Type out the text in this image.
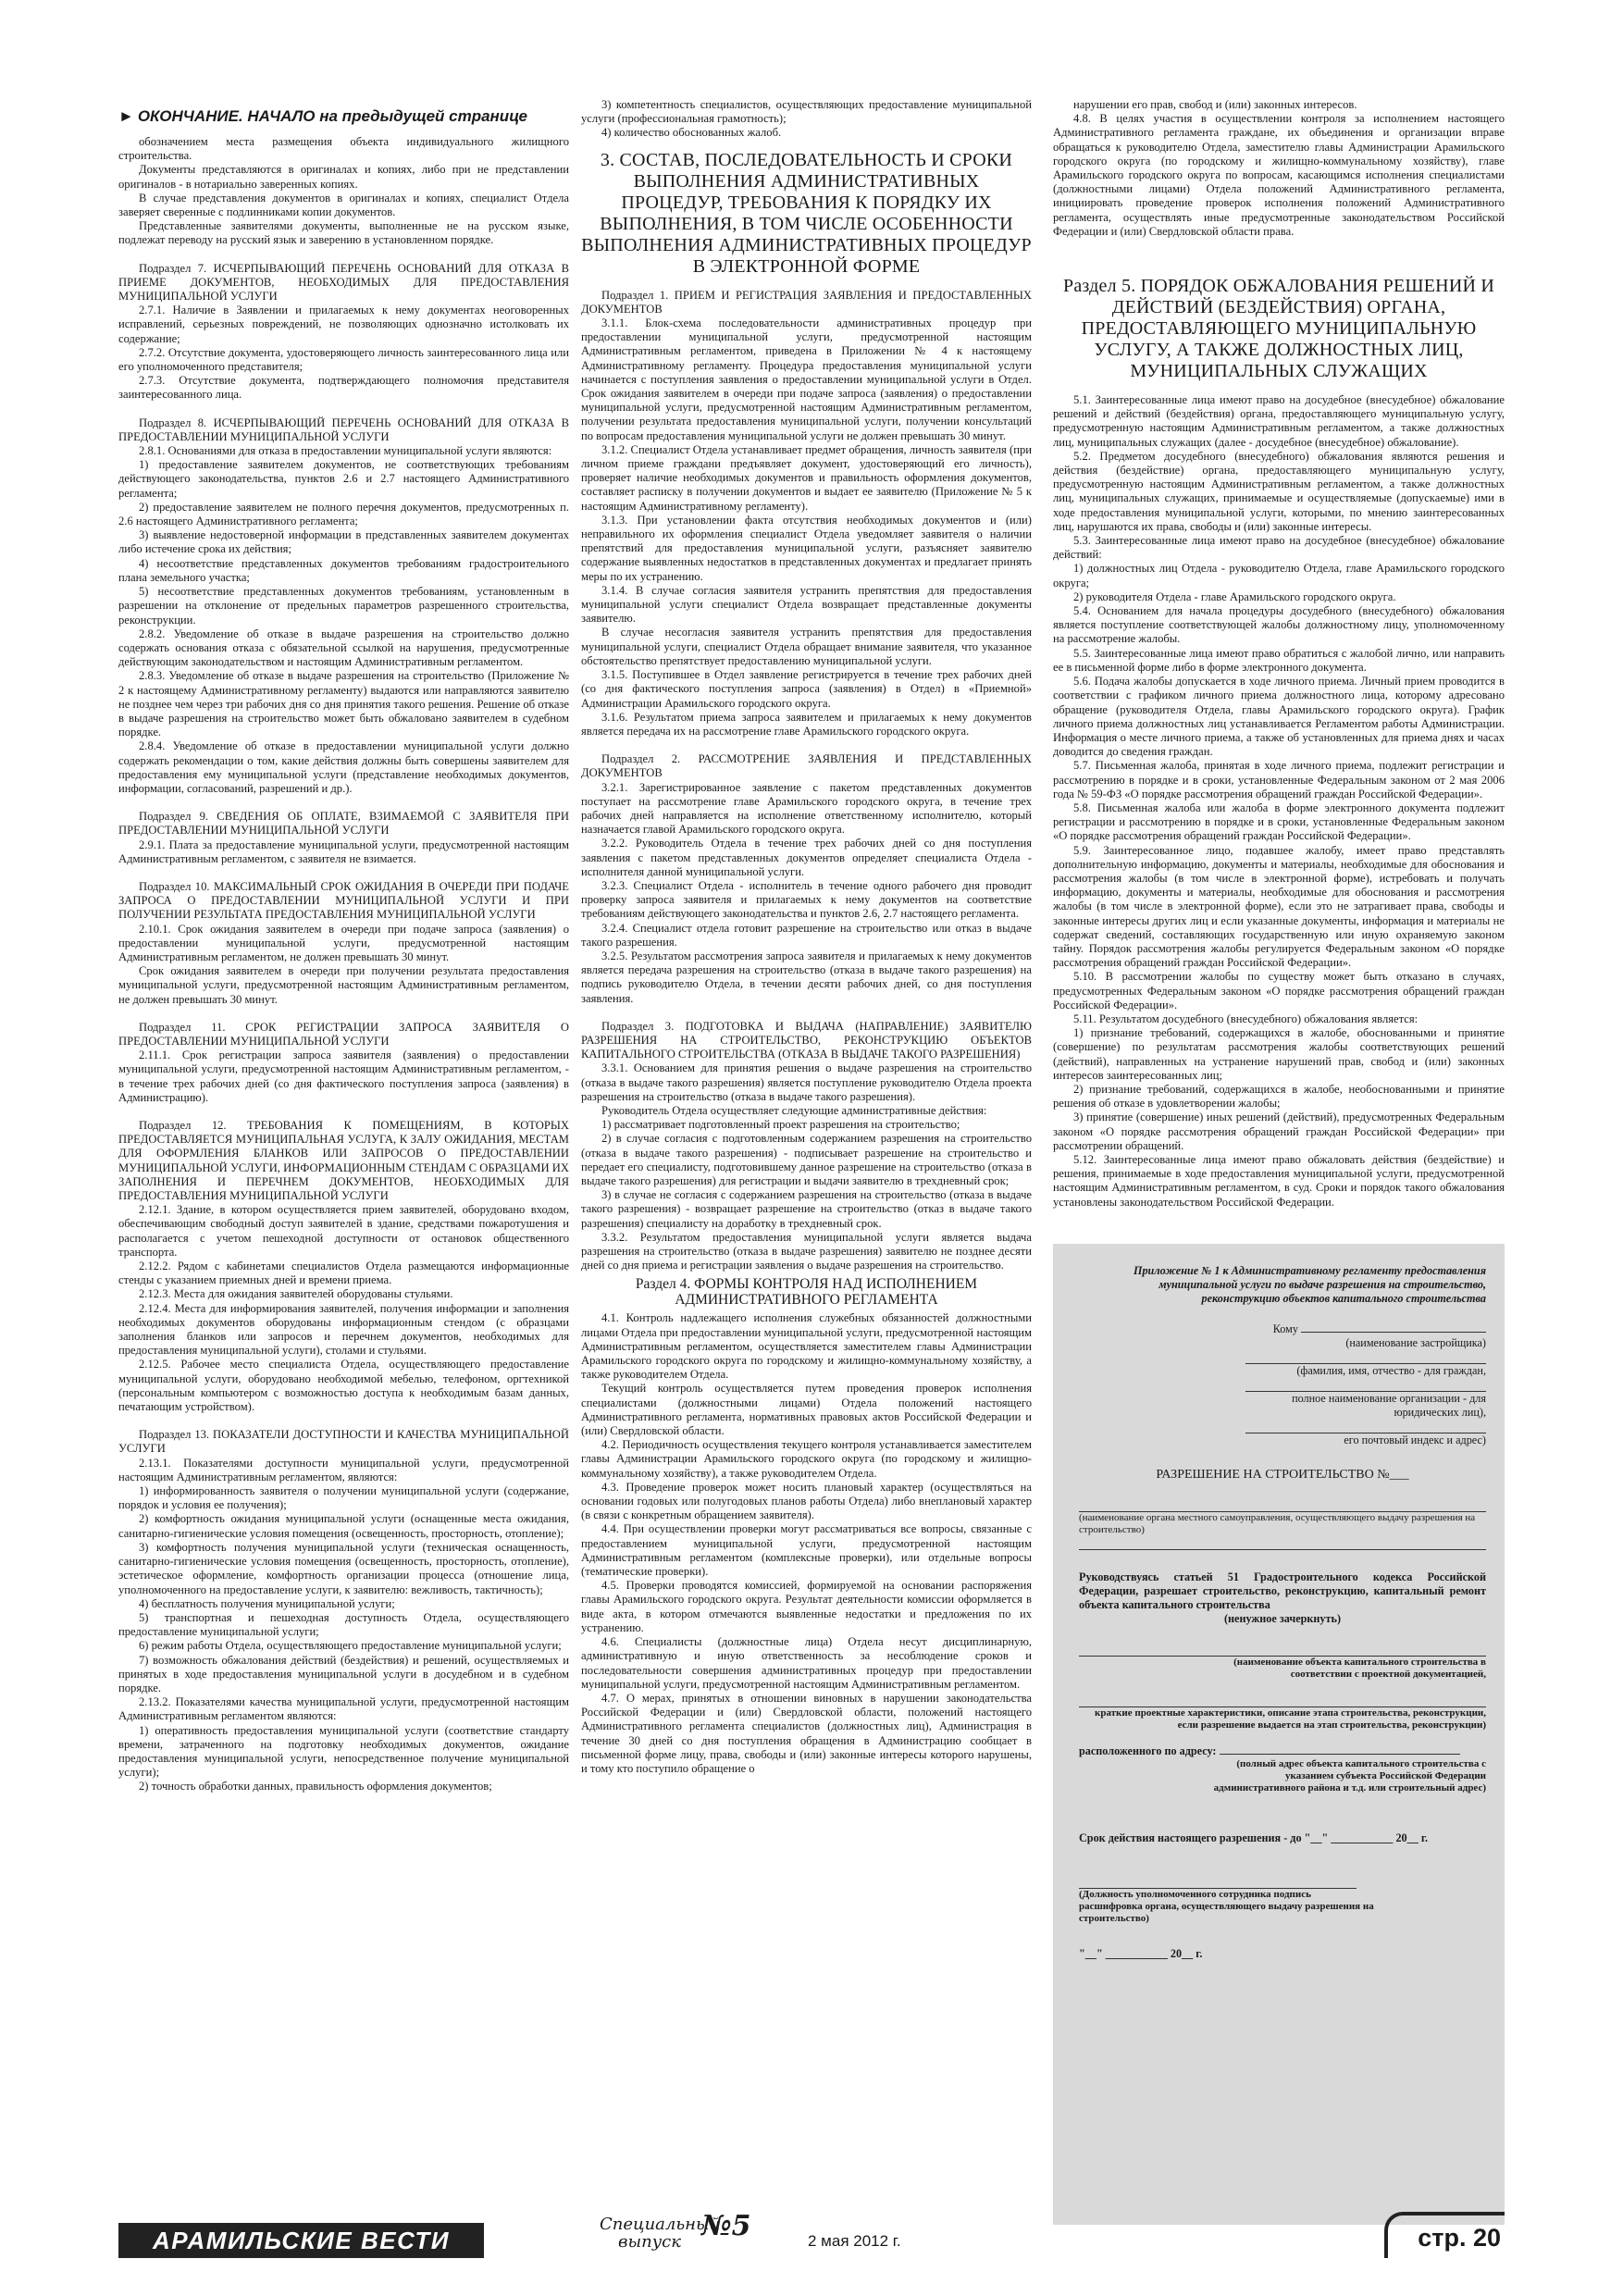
► ОКОНЧАНИЕ. НАЧАЛО на предыдущей странице

обозначением места размещения объекта индивидуального жилищного строительства.

Документы представляются в оригиналах и копиях, либо при не представлении оригиналов - в нотариально заверенных копиях.

В случае представления документов в оригиналах и копиях, специалист Отдела заверяет сверенные с подлинниками копии документов.

Представленные заявителями документы, выполненные не на русском языке, подлежат переводу на русский язык и заверению в установленном порядке.

Подраздел 7. ИСЧЕРПЫВАЮЩИЙ ПЕРЕЧЕНЬ ОСНОВАНИЙ ДЛЯ ОТКАЗА В ПРИЕМЕ ДОКУМЕНТОВ, НЕОБХОДИМЫХ ДЛЯ ПРЕДОСТАВЛЕНИЯ МУНИЦИПАЛЬНОЙ УСЛУГИ

2.7.1. Наличие в Заявлении и прилагаемых к нему документах неоговоренных исправлений, серьезных повреждений, не позволяющих однозначно истолковать их содержание;

2.7.2. Отсутствие документа, удостоверяющего личность заинтересованного лица или его уполномоченного представителя;

2.7.3. Отсутствие документа, подтверждающего полномочия представителя заинтересованного лица.

Подраздел 8. ИСЧЕРПЫВАЮЩИЙ ПЕРЕЧЕНЬ ОСНОВАНИЙ ДЛЯ ОТКАЗА В ПРЕДОСТАВЛЕНИИ МУНИЦИПАЛЬНОЙ УСЛУГИ

2.8.1. Основаниями для отказа в предоставлении муниципальной услуги являются:

1) предоставление заявителем документов, не соответствующих требованиям действующего законодательства, пунктов 2.6 и 2.7 настоящего Административного регламента;

2) предоставление заявителем не полного перечня документов, предусмотренных п. 2.6 настоящего Административного регламента;

3) выявление недостоверной информации в представленных заявителем документах либо истечение срока их действия;

4) несоответствие представленных документов требованиям градостроительного плана земельного участка;

5) несоответствие представленных документов требованиям, установленным в разрешении на отклонение от предельных параметров разрешенного строительства, реконструкции.

2.8.2. Уведомление об отказе в выдаче разрешения на строительство должно содержать основания отказа с обязательной ссылкой на нарушения, предусмотренные действующим законодательством и настоящим Административным регламентом.

2.8.3. Уведомление об отказе в выдаче разрешения на строительство (Приложение № 2 к настоящему Административному регламенту) выдаются или направляются заявителю не позднее чем через три рабочих дня со дня принятия такого решения. Решение об отказе в выдаче разрешения на строительство может быть обжаловано заявителем в судебном порядке.

2.8.4. Уведомление об отказе в предоставлении муниципальной услуги должно содержать рекомендации о том, какие действия должны быть совершены заявителем для предоставления ему муниципальной услуги (представление необходимых документов, информации, согласований, разрешений и др.).

Подраздел 9. СВЕДЕНИЯ ОБ ОПЛАТЕ, ВЗИМАЕМОЙ С ЗАЯВИТЕЛЯ ПРИ ПРЕДОСТАВЛЕНИИ МУНИЦИПАЛЬНОЙ УСЛУГИ

2.9.1. Плата за предоставление муниципальной услуги, предусмотренной настоящим Административным регламентом, с заявителя не взимается.

Подраздел 10. МАКСИМАЛЬНЫЙ СРОК ОЖИДАНИЯ В ОЧЕРЕДИ ПРИ ПОДАЧЕ ЗАПРОСА О ПРЕДОСТАВЛЕНИИ МУНИЦИПАЛЬНОЙ УСЛУГИ И ПРИ ПОЛУЧЕНИИ РЕЗУЛЬТАТА ПРЕДОСТАВЛЕНИЯ МУНИЦИПАЛЬНОЙ УСЛУГИ

2.10.1. Срок ожидания заявителем в очереди при подаче запроса (заявления) о предоставлении муниципальной услуги, предусмотренной настоящим Административным регламентом, не должен превышать 30 минут.

Срок ожидания заявителем в очереди при получении результата предоставления муниципальной услуги, предусмотренной настоящим Административным регламентом, не должен превышать 30 минут.

Подраздел 11. СРОК РЕГИСТРАЦИИ ЗАПРОСА ЗАЯВИТЕЛЯ О ПРЕДОСТАВЛЕНИИ МУНИЦИПАЛЬНОЙ УСЛУГИ

2.11.1. Срок регистрации запроса заявителя (заявления) о предоставлении муниципальной услуги, предусмотренной настоящим Административным регламентом, - в течение трех рабочих дней (со дня фактического поступления запроса (заявления) в Администрацию).

Подраздел 12. ТРЕБОВАНИЯ К ПОМЕЩЕНИЯМ, В КОТОРЫХ ПРЕДОСТАВЛЯЕТСЯ МУНИЦИПАЛЬНАЯ УСЛУГА, К ЗАЛУ ОЖИДАНИЯ, МЕСТАМ ДЛЯ ОФОРМЛЕНИЯ БЛАНКОВ ИЛИ ЗАПРОСОВ О ПРЕДОСТАВЛЕНИИ МУНИЦИПАЛЬНОЙ УСЛУГИ, ИНФОРМАЦИОННЫМ СТЕНДАМ С ОБРАЗЦАМИ ИХ ЗАПОЛНЕНИЯ И ПЕРЕЧНЕМ ДОКУМЕНТОВ, НЕОБХОДИМЫХ ДЛЯ ПРЕДОСТАВЛЕНИЯ МУНИЦИПАЛЬНОЙ УСЛУГИ

2.12.1. Здание, в котором осуществляется прием заявителей, оборудовано входом, обеспечивающим свободный доступ заявителей в здание, средствами пожаротушения и располагается с учетом пешеходной доступности от остановок общественного транспорта.

2.12.2. Рядом с кабинетами специалистов Отдела размещаются информационные стенды с указанием приемных дней и времени приема.

2.12.3. Места для ожидания заявителей оборудованы стульями.

2.12.4. Места для информирования заявителей, получения информации и заполнения необходимых документов оборудованы информационным стендом (с образцами заполнения бланков или запросов и перечнем документов, необходимых для предоставления муниципальной услуги), столами и стульями.

2.12.5. Рабочее место специалиста Отдела, осуществляющего предоставление муниципальной услуги, оборудовано необходимой мебелью, телефоном, оргтехникой (персональным компьютером с возможностью доступа к необходимым базам данных, печатающим устройством).

Подраздел 13. ПОКАЗАТЕЛИ ДОСТУПНОСТИ И КАЧЕСТВА МУНИЦИПАЛЬНОЙ УСЛУГИ

2.13.1. Показателями доступности муниципальной услуги, предусмотренной настоящим Административным регламентом, являются:

1) информированность заявителя о получении муниципальной услуги (содержание, порядок и условия ее получения);

2) комфортность ожидания муниципальной услуги (оснащенные места ожидания, санитарно-гигиенические условия помещения (освещенность, просторность, отопление);

3) комфортность получения муниципальной услуги (техническая оснащенность, санитарно-гигиенические условия помещения (освещенность, просторность, отопление), эстетическое оформление, комфортность организации процесса (отношение лица, уполномоченного на предоставление услуги, к заявителю: вежливость, тактичность);

4) бесплатность получения муниципальной услуги;

5) транспортная и пешеходная доступность Отдела, осуществляющего предоставление муниципальной услуги;

6) режим работы Отдела, осуществляющего предоставление муниципальной услуги;

7) возможность обжалования действий (бездействия) и решений, осуществляемых и принятых в ходе предоставления муниципальной услуги в досудебном и в судебном порядке.

2.13.2. Показателями качества муниципальной услуги, предусмотренной настоящим Административным регламентом являются:

1) оперативность предоставления муниципальной услуги (соответствие стандарту времени, затраченного на подготовку необходимых документов, ожидание предоставления муниципальной услуги, непосредственное получение муниципальной услуги);

2) точность обработки данных, правильность оформления документов;

3) компетентность специалистов, осуществляющих предоставление муниципальной услуги (профессиональная грамотность);

4) количество обоснованных жалоб.

3. СОСТАВ, ПОСЛЕДОВАТЕЛЬНОСТЬ И СРОКИ ВЫПОЛНЕНИЯ АДМИНИСТРАТИВНЫХ ПРОЦЕДУР, ТРЕБОВАНИЯ К ПОРЯДКУ ИХ ВЫПОЛНЕНИЯ, В ТОМ ЧИСЛЕ ОСОБЕННОСТИ ВЫПОЛНЕНИЯ АДМИНИСТРАТИВНЫХ ПРОЦЕДУР В ЭЛЕКТРОННОЙ ФОРМЕ

Подраздел 1. ПРИЕМ И РЕГИСТРАЦИЯ ЗАЯВЛЕНИЯ И ПРЕДОСТАВЛЕННЫХ ДОКУМЕНТОВ

3.1.1. Блок-схема последовательности административных процедур при предоставлении муниципальной услуги, предусмотренной настоящим Административным регламентом, приведена в Приложении № 4 к настоящему Административному регламенту. Процедура предоставления муниципальной услуги начинается с поступления заявления о предоставлении муниципальной услуги в Отдел. Срок ожидания заявителем в очереди при подаче запроса (заявления) о предоставлении муниципальной услуги, предусмотренной настоящим Административным регламентом, получении результата предоставления муниципальной услуги, получении консультаций по вопросам предоставления муниципальной услуги не должен превышать 30 минут.

3.1.2. Специалист Отдела устанавливает предмет обращения, личность заявителя (при личном приеме граждани предъявляет документ, удостоверяющий его личность), проверяет наличие необходимых документов и правильность оформления документов, составляет расписку в получении документов и выдает ее заявителю (Приложение № 5 к настоящим Административному регламенту).

3.1.3. При установлении факта отсутствия необходимых документов и (или) неправильного их оформления специалист Отдела уведомляет заявителя о наличии препятствий для предоставления муниципальной услуги, разъясняет заявителю содержание выявленных недостатков в представленных документах и предлагает принять меры по их устранению.

3.1.4. В случае согласия заявителя устранить препятствия для предоставления муниципальной услуги специалист Отдела возвращает представленные документы заявителю.

В случае несогласия заявителя устранить препятствия для предоставления муниципальной услуги, специалист Отдела обращает внимание заявителя, что указанное обстоятельство препятствует предоставлению муниципальной услуги.

3.1.5. Поступившее в Отдел заявление регистрируется в течение трех рабочих дней (со дня фактического поступления запроса (заявления) в Отдел) в «Приемной» Администрации Арамильского городского округа.

3.1.6. Результатом приема запроса заявителем и прилагаемых к нему документов является передача их на рассмотрение главе Арамильского городского округа.

Подраздел 2. РАССМОТРЕНИЕ ЗАЯВЛЕНИЯ И ПРЕДСТАВЛЕННЫХ ДОКУМЕНТОВ

3.2.1. Зарегистрированное заявление с пакетом представленных документов поступает на рассмотрение главе Арамильского городского округа, в течение трех рабочих дней направляется на исполнение ответственному исполнителю, который назначается главой Арамильского городского округа.

3.2.2. Руководитель Отдела в течение трех рабочих дней со дня поступления заявления с пакетом представленных документов определяет специалиста Отдела - исполнителя данной муниципальной услуги.

3.2.3. Специалист Отдела - исполнитель в течение одного рабочего дня проводит проверку запроса заявителя и прилагаемых к нему документов на соответствие требованиям действующего законодательства и пунктов 2.6, 2.7 настоящего регламента.

3.2.4. Специалист отдела готовит разрешение на строительство или отказ в выдаче такого разрешения.

3.2.5. Результатом рассмотрения запроса заявителя и прилагаемых к нему документов является передача разрешения на строительство (отказа в выдаче такого разрешения) на подпись руководителю Отдела, в течении десяти рабочих дней, со дня поступления заявления.

Подраздел 3. ПОДГОТОВКА И ВЫДАЧА (НАПРАВЛЕНИЕ) ЗАЯВИТЕЛЮ РАЗРЕШЕНИЯ НА СТРОИТЕЛЬСТВО, РЕКОНСТРУКЦИЮ ОБЪЕКТОВ КАПИТАЛЬНОГО СТРОИТЕЛЬСТВА (ОТКАЗА В ВЫДАЧЕ ТАКОГО РАЗРЕШЕНИЯ)

3.3.1. Основанием для принятия решения о выдаче разрешения на строительство (отказа в выдаче такого разрешения) является поступление руководителю Отдела проекта разрешения на строительство (отказа в выдаче такого разрешения).

Руководитель Отдела осуществляет следующие административные действия:

1) рассматривает подготовленный проект разрешения на строительство;

2) в случае согласия с подготовленным содержанием разрешения на строительство (отказа в выдаче такого разрешения) - подписывает разрешение на строительство и передает его специалисту, подготовившему данное разрешение на строительство (отказа в выдаче такого разрешения) для регистрации и выдачи заявителю в трехдневный срок;

3) в случае не согласия с содержанием разрешения на строительство (отказа в выдаче такого разрешения) - возвращает разрешение на строительство (отказ в выдаче такого разрешения) специалисту на доработку в трехдневный срок.

3.3.2. Результатом предоставления муниципальной услуги является выдача разрешения на строительство (отказа в выдаче разрешения) заявителю не позднее десяти дней со дня приема и регистрации заявления о выдаче разрешения на строительство.

Раздел 4. ФОРМЫ КОНТРОЛЯ НАД ИСПОЛНЕНИЕМ АДМИНИСТРАТИВНОГО РЕГЛАМЕНТА

4.1. Контроль надлежащего исполнения служебных обязанностей должностными лицами Отдела при предоставлении муниципальной услуги, предусмотренной настоящим Административным регламентом, осуществляется заместителем главы Администрации Арамильского городского округа по городскому и жилищно-коммунальному хозяйству, а также руководителем Отдела.

Текущий контроль осуществляется путем проведения проверок исполнения специалистами (должностными лицами) Отдела положений настоящего Административного регламента, нормативных правовых актов Российской Федерации и (или) Свердловской области.

4.2. Периодичность осуществления текущего контроля устанавливается заместителем главы Администрации Арамильского городского округа (по городскому и жилищно-коммунальному хозяйству), а также руководителем Отдела.

4.3. Проведение проверок может носить плановый характер (осуществляться на основании годовых или полугодовых планов работы Отдела) либо внеплановый характер (в связи с конкретным обращением заявителя).

4.4. При осуществлении проверки могут рассматриваться все вопросы, связанные с предоставлением муниципальной услуги, предусмотренной настоящим Административным регламентом (комплексные проверки), или отдельные вопросы (тематические проверки).

4.5. Проверки проводятся комиссией, формируемой на основании распоряжения главы Арамильского городского округа. Результат деятельности комиссии оформляется в виде акта, в котором отмечаются выявленные недостатки и предложения по их устранению.

4.6. Специалисты (должностные лица) Отдела несут дисциплинарную, административную и иную ответственность за несоблюдение сроков и последовательности совершения административных процедур при предоставлении муниципальной услуги, предусмотренной настоящим Административным регламентом.

4.7. О мерах, принятых в отношении виновных в нарушении законодательства Российской Федерации и (или) Свердловской области, положений настоящего Административного регламента специалистов (должностных лиц), Администрация в течение 30 дней со дня поступления обращения в Администрацию сообщает в письменной форме лицу, права, свободы и (или) законные интересы которого нарушены, и тому кто поступило обращение о

нарушении его прав, свобод и (или) законных интересов.

4.8. В целях участия в осуществлении контроля за исполнением настоящего Административного регламента граждане, их объединения и организации вправе обращаться к руководителю Отдела, заместителю главы Администрации Арамильского городского округа (по городскому и жилищно-коммунальному хозяйству), главе Арамильского городского округа по вопросам, касающимся исполнения специалистами (должностными лицами) Отдела положений Административного регламента, инициировать проведение проверок исполнения положений Административного регламента, осуществлять иные предусмотренные законодательством Российской Федерации и (или) Свердловской области права.

Раздел 5. ПОРЯДОК ОБЖАЛОВАНИЯ РЕШЕНИЙ И ДЕЙСТВИЙ (БЕЗДЕЙСТВИЯ) ОРГАНА, ПРЕДОСТАВЛЯЮЩЕГО МУНИЦИПАЛЬНУЮ УСЛУГУ, А ТАКЖЕ ДОЛЖНОСТНЫХ ЛИЦ, МУНИЦИПАЛЬНЫХ СЛУЖАЩИХ

5.1. Заинтересованные лица имеют право на досудебное (внесудебное) обжалование решений и действий (бездействия) органа, предоставляющего муниципальную услугу, предусмотренную настоящим Административным регламентом, а также должностных лиц, муниципальных служащих (далее - досудебное (внесудебное) обжалование).

5.2. Предметом досудебного (внесудебного) обжалования являются решения и действия (бездействие) органа, предоставляющего муниципальную услугу, предусмотренную настоящим Административным регламентом, а также должностных лиц, муниципальных служащих, принимаемые и осуществляемые (допускаемые) ими в ходе предоставления муниципальной услуги, которыми, по мнению заинтересованных лиц, нарушаются их права, свободы и (или) законные интересы.

5.3. Заинтересованные лица имеют право на досудебное (внесудебное) обжалование действий:

1) должностных лиц Отдела - руководителю Отдела, главе Арамильского городского округа;

2) руководителя Отдела - главе Арамильского городского округа.

5.4. Основанием для начала процедуры досудебного (внесудебного) обжалования является поступление соответствующей жалобы должностному лицу, уполномоченному на рассмотрение жалобы.

5.5. Заинтересованные лица имеют право обратиться с жалобой лично, или направить ее в письменной форме либо в форме электронного документа.

5.6. Подача жалобы допускается в ходе личного приема. Личный прием проводится в соответствии с графиком личного приема должностного лица, которому адресовано обращение (руководителя Отдела, главы Арамильского городского округа). График личного приема должностных лиц устанавливается Регламентом работы Администрации. Информация о месте личного приема, а также об установленных для приема днях и часах доводится до сведения граждан.

5.7. Письменная жалоба, принятая в ходе личного приема, подлежит регистрации и рассмотрению в порядке и в сроки, установленные Федеральным законом от 2 мая 2006 года № 59-ФЗ «О порядке рассмотрения обращений граждан Российской Федерации».

5.8. Письменная жалоба или жалоба в форме электронного документа подлежит регистрации и рассмотрению в порядке и в сроки, установленные Федеральным законом «О порядке рассмотрения обращений граждан Российской Федерации».

5.9. Заинтересованное лицо, подавшее жалобу, имеет право представлять дополнительную информацию, документы и материалы, необходимые для обоснования и рассмотрения жалобы (в том числе в электронной форме), истребовать и получать информацию, документы и материалы, необходимые для обоснования и рассмотрения жалобы (в том числе в электронной форме), если это не затрагивает права, свободы и законные интересы других лиц и если указанные документы, информация и материалы не содержат сведений, составляющих государственную или иную охраняемую законом тайну. Порядок рассмотрения жалобы регулируется Федеральным законом «О порядке рассмотрения обращений граждан Российской Федерации».

5.10. В рассмотрении жалобы по существу может быть отказано в случаях, предусмотренных Федеральным законом «О порядке рассмотрения обращений граждан Российской Федерации».

5.11. Результатом досудебного (внесудебного) обжалования является:

1) признание требований, содержащихся в жалобе, обоснованными и принятие (совершение) по результатам рассмотрения жалобы соответствующих решений (действий), направленных на устранение нарушений прав, свобод и (или) законных интересов заинтересованных лиц;

2) признание требований, содержащихся в жалобе, необоснованными и принятие решения об отказе в удовлетворении жалобы;

3) принятие (совершение) иных решений (действий), предусмотренных Федеральным законом «О порядке рассмотрения обращений граждан Российской Федерации» при рассмотрении обращений.

5.12. Заинтересованные лица имеют право обжаловать действия (бездействие) и решения, принимаемые в ходе предоставления муниципальной услуги, предусмотренной настоящим Административным регламентом, в суд. Сроки и порядок такого обжалования установлены законодательством Российской Федерации.

Приложение № 1 к Административному регламенту предоставления муниципальной услуги по выдаче разрешения на строительство, реконструкцию объектов капитального строительства
Кому
(наименование застройщика)
(фамилия, имя, отчество - для граждан,
полное наименование организации - для юридических лиц),
его почтовый индекс и адрес)
РАЗРЕШЕНИЕ НА СТРОИТЕЛЬСТВО №___
(наименование органа местного самоуправления, осуществляющего выдачу разрешения на строительство)
Руководствуясь статьей 51 Градостроительного кодекса Российской Федерации, разрешает строительство, реконструкцию, капитальный ремонт объекта капитального строительства
(ненужное зачеркнуть)
(наименование объекта капитального строительства в соответствии с проектной документацией,
краткие проектные характеристики, описание этапа строительства, реконструкции, если разрешение выдается на этап строительства, реконструкции)
расположенного по адресу:
(полный адрес объекта капитального строительства с указанием субъекта Российской Федерации административного района и т.д. или строительный адрес)
Срок действия настоящего разрешения - до "__" ___________ 20__ г.
(Должность уполномоченного сотрудника подпись расшифровка органа, осуществляющего выдачу разрешения на строительство)
"__" ___________ 20__ г.
АРАМИЛЬСКИЕ ВЕСТИ
Специальный
выпуск №5	2 мая 2012 г.	стр. 20
